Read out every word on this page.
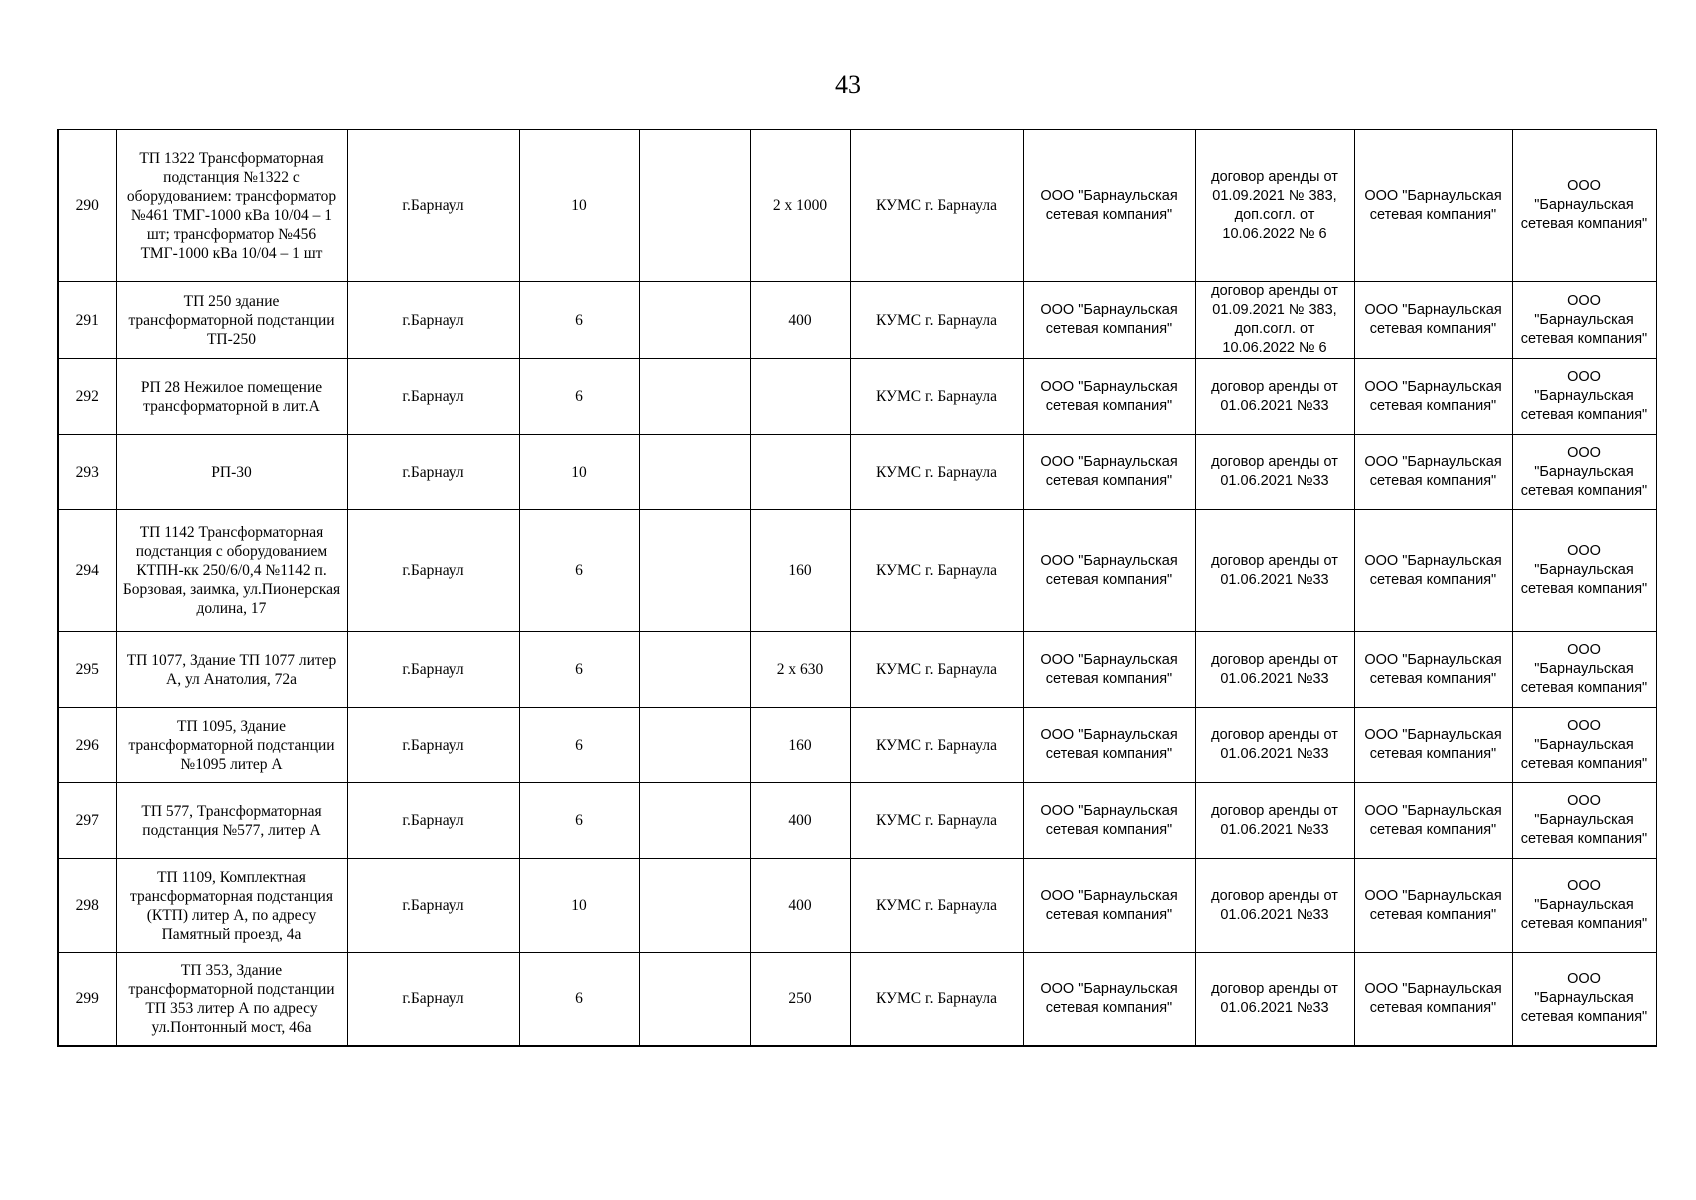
43
290	ТП 1322 Трансформаторная подстанция №1322 с оборудованием: трансформатор №461 ТМГ-1000 кВа 10/04 – 1 шт; трансформатор №456 ТМГ-1000 кВа 10/04 – 1 шт	г.Барнаул	10		2 х 1000	КУМС г. Барнаула	ООО "Барнаульская сетевая компания"	договор аренды от 01.09.2021 № 383, доп.согл. от 10.06.2022 № 6	ООО "Барнаульская сетевая компания"	ООО "Барнаульская сетевая компания"
291	ТП 250 здание трансформаторной подстанции ТП-250	г.Барнаул	6		400	КУМС г. Барнаула	ООО "Барнаульская сетевая компания"	договор аренды от 01.09.2021 № 383, доп.согл. от 10.06.2022 № 6	ООО "Барнаульская сетевая компания"	ООО "Барнаульская сетевая компания"
292	РП 28 Нежилое помещение трансформаторной в лит.А	г.Барнаул	6			КУМС г. Барнаула	ООО "Барнаульская сетевая компания"	договор аренды от 01.06.2021 №33	ООО "Барнаульская сетевая компания"	ООО "Барнаульская сетевая компания"
293	РП-30	г.Барнаул	10			КУМС г. Барнаула	ООО "Барнаульская сетевая компания"	договор аренды от 01.06.2021 №33	ООО "Барнаульская сетевая компания"	ООО "Барнаульская сетевая компания"
294	ТП 1142 Трансформаторная подстанция с оборудованием КТПН-кк 250/6/0,4 №1142 п. Борзовая, заимка, ул.Пионерская долина, 17	г.Барнаул	6		160	КУМС г. Барнаула	ООО "Барнаульская сетевая компания"	договор аренды от 01.06.2021 №33	ООО "Барнаульская сетевая компания"	ООО "Барнаульская сетевая компания"
295	ТП 1077, Здание ТП 1077 литер А, ул Анатолия, 72а	г.Барнаул	6		2 х 630	КУМС г. Барнаула	ООО "Барнаульская сетевая компания"	договор аренды от 01.06.2021 №33	ООО "Барнаульская сетевая компания"	ООО "Барнаульская сетевая компания"
296	ТП 1095, Здание трансформаторной подстанции №1095 литер А	г.Барнаул	6		160	КУМС г. Барнаула	ООО "Барнаульская сетевая компания"	договор аренды от 01.06.2021 №33	ООО "Барнаульская сетевая компания"	ООО "Барнаульская сетевая компания"
297	ТП 577, Трансформаторная подстанция №577, литер А	г.Барнаул	6		400	КУМС г. Барнаула	ООО "Барнаульская сетевая компания"	договор аренды от 01.06.2021 №33	ООО "Барнаульская сетевая компания"	ООО "Барнаульская сетевая компания"
298	ТП 1109, Комплектная трансформаторная подстанция (КТП) литер А, по адресу Памятный проезд, 4а	г.Барнаул	10		400	КУМС г. Барнаула	ООО "Барнаульская сетевая компания"	договор аренды от 01.06.2021 №33	ООО "Барнаульская сетевая компания"	ООО "Барнаульская сетевая компания"
299	ТП 353, Здание трансформаторной подстанции ТП 353 литер А по адресу ул.Понтонный мост, 46а	г.Барнаул	6		250	КУМС г. Барнаула	ООО "Барнаульская сетевая компания"	договор аренды от 01.06.2021 №33	ООО "Барнаульская сетевая компания"	ООО "Барнаульская сетевая компания"
